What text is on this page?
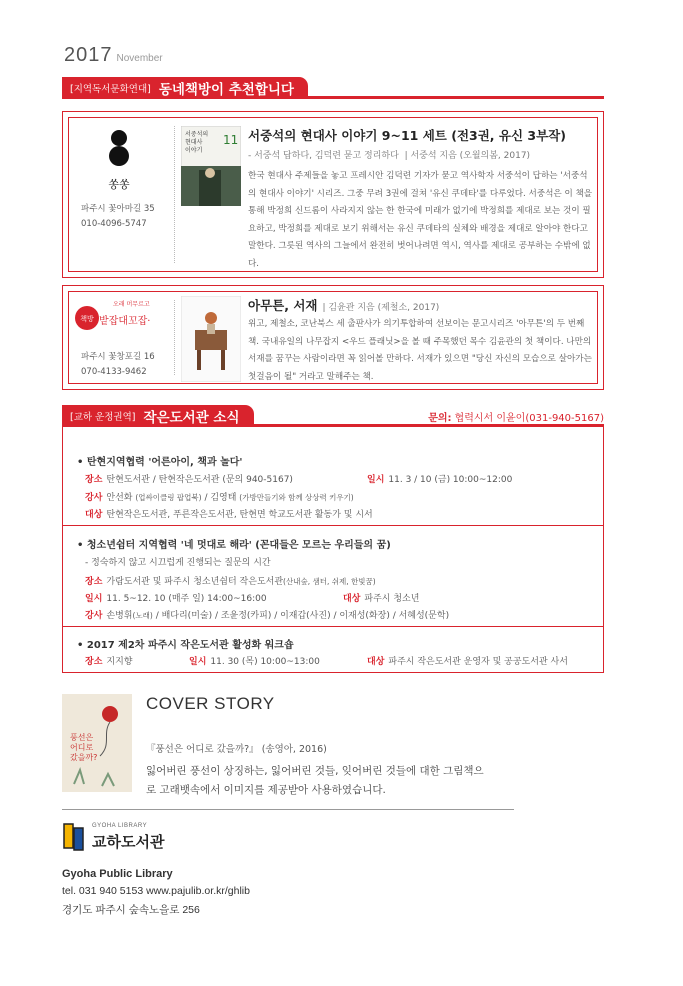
2017 November
[지역독서문화연대] 동네책방이 추천합니다
쏭쏭
파주시 꽃아마길 35
010-4096-5747
서중석의
현대사
이야기
11 서중석의 현대사 이야기 9~11 세트 (전3권, 유신 3부작)
- 서중석 답하다, 김덕련 묻고 정리하다 | 서중석 지음 (오월의봄, 2017)
한국 현대사 주제들을 놓고 프레시안 김덕련 기자가 묻고 역사학자 서중석이 답하는 '서중석의 현대사 이야기' 시리즈. 그중 무려 3권에 걸쳐 '유신 쿠데타'를 다루었다. 서중석은 이 책을 통해 박정희 신드롬이 사라지지 않는 한 한국에 미래가 없기에 박정희를 제대로 보는 것이 필요하고, 박정희를 제대로 보기 위해서는 유신 쿠데타의 실체와 배경을 제대로 알아야 한다고 말한다. 그릇된 역사의 그늘에서 완전히 벗어나려면 역시, 역사를 제대로 공부하는 수밖에 없다.
책방
오래 머무르고
밭잡대꼬잡·
파주시 꽃창포길 16
070-4133-9462
아무튼, 서재 | 김윤관 지음 (제철소, 2017)
위고, 제철소, 코난북스 세 출판사가 의기투합하여 선보이는 문고시리즈 '아무튼'의 두 번째 책. 국내유일의 나무잡지 <우드 플래닛>을 볼 때 주목했던 목수 김윤관의 첫 책이다. 나만의 서재를 꿈꾸는 사람이라면 꼭 읽어볼 만하다. 서재가 있으면 "당신 자신의 모습으로 살아가는 첫걸음이 될" 거라고 말해주는 책.
[교하 운정권역] 작은도서관 소식	문의: 협력시서 이윤이(031-940-5167)
• 탄현지역협력 '어른아이, 책과 놀다'
장소 탄현도서관 / 탄현작은도서관 (문의 940-5167)	일시 11. 3 / 10 (금) 10:00~12:00
강사 안선화 (업싸이클링 팝업북) / 김영태 (가방만들기와 함께 상상력 키우기)
대상 탄현작은도서관, 푸른작은도서관, 탄현면 학교도서관 활동가 및 시서
• 청소년쉼터 지역협력 '네 멋대로 해라' (꼰대들은 모르는 우리들의 꿈)
- 정숙하지 않고 시끄럽게 진행되는 질문의 시간
장소 가람도서관 및 파주시 청소년쉼터 작은도서관(산내숲, 샘터, 쉬제, 한빛꿈)
일시 11. 5~12. 10 (매주 일) 14:00~16:00	대상 파주시 청소년
강사 손병휘(노래) / 배다리(미술) / 조윤정(카피) / 이재갑(사진) / 이재성(화장) / 서혜성(문학)
• 2017 제2차 파주시 작은도서관 활성화 워크숍
장소 지지향	일시 11. 30 (목) 10:00~13:00	대상 파주시 작은도서관 운영자 및 공공도서관 사서
풍선은
어디로
갔을까?
COVER STORY
『풍선은 어디로 갔을까?』 (송영아, 2016)
잃어버린 풍선이 상징하는, 잃어버린 것들, 잊어버린 것들에 대한 그림책으로 고래뱃속에서 이미지를 제공받아 사용하였습니다.
GYOHA LIBRARY
교하도서관
Gyoha Public Library
tel. 031 940 5153 www.pajulib.or.kr/ghlib
경기도 파주시 숲속노을로 256
